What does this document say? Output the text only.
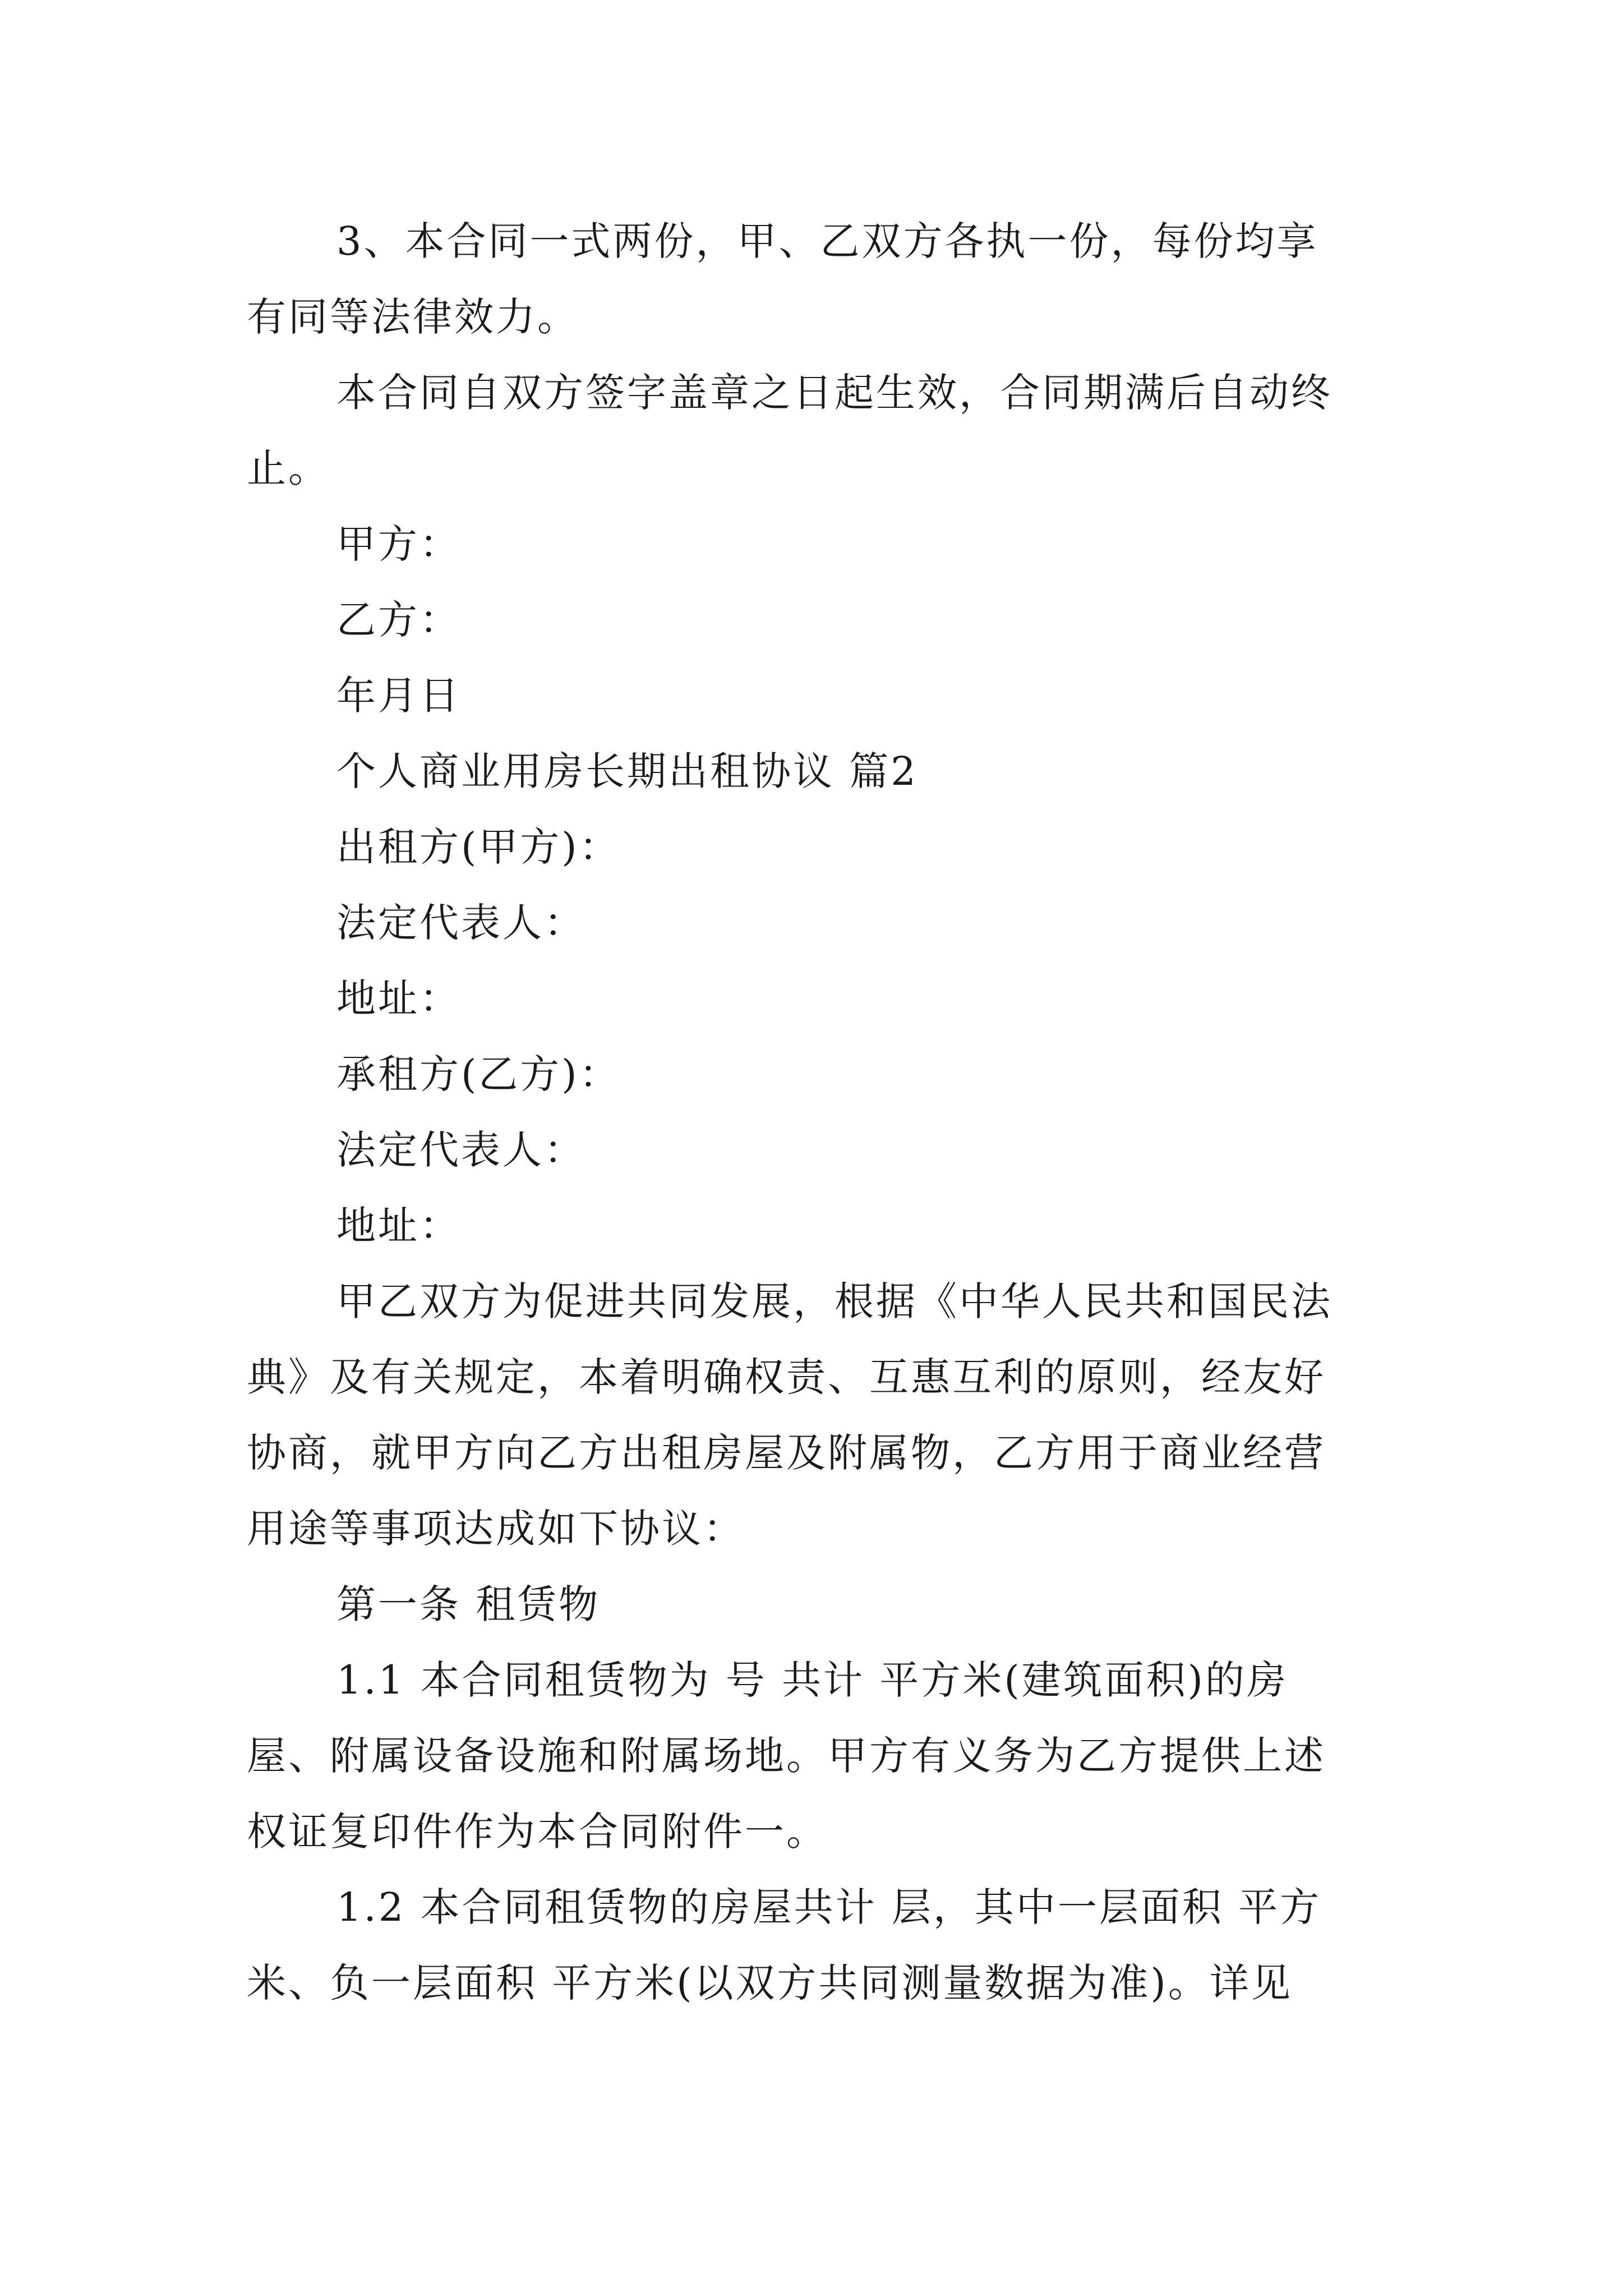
3、本合同一式两份，甲、乙双方各执一份，每份均享
有同等法律效力。
本合同自双方签字盖章之日起生效，合同期满后自动终
止。
甲方：
乙方：
年月日
个人商业用房长期出租协议 篇2
出租方(甲方)：
法定代表人：
地址：
承租方(乙方)：
法定代表人：
地址：
甲乙双方为促进共同发展，根据《中华人民共和国民法
典》及有关规定，本着明确权责、互惠互利的原则，经友好
协商，就甲方向乙方出租房屋及附属物，乙方用于商业经营
用途等事项达成如下协议：
第一条 租赁物
1.1 本合同租赁物为 号 共计 平方米(建筑面积)的房
屋、附属设备设施和附属场地。甲方有义务为乙方提供上述
权证复印件作为本合同附件一。
1.2 本合同租赁物的房屋共计 层，其中一层面积 平方
米、负一层面积 平方米(以双方共同测量数据为准)。详见
